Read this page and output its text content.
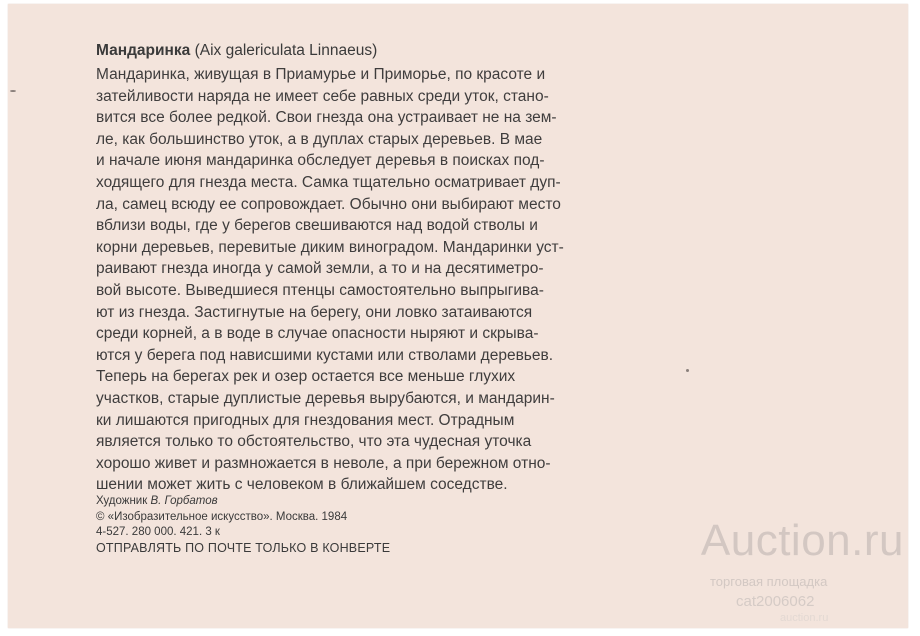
Мандаринка (Aix galericulata Linnaeus)
Мандаринка, живущая в Приамурье и Приморье, по красоте и
затейливости наряда не имеет себе равных среди уток, стано-
вится все более редкой. Свои гнезда она устраивает не на зем-
ле, как большинство уток, а в дуплах старых деревьев. В мае
и начале июня мандаринка обследует деревья в поисках под-
ходящего для гнезда места. Самка тщательно осматривает дуп-
ла, самец всюду ее сопровождает. Обычно они выбирают место
вблизи воды, где у берегов свешиваются над водой стволы и
корни деревьев, перевитые диким виноградом. Мандаринки уст-
раивают гнезда иногда у самой земли, а то и на десятиметро-
вой высоте. Выведшиеся птенцы самостоятельно выпрыгива-
ют из гнезда. Застигнутые на берегу, они ловко затаиваются
среди корней, а в воде в случае опасности ныряют и скрыва-
ются у берега под нависшими кустами или стволами деревьев.
Теперь на берегах рек и озер остается все меньше глухих
участков, старые дуплистые деревья вырубаются, и мандарин-
ки лишаются пригодных для гнездования мест. Отрадным
является только то обстоятельство, что эта чудесная уточка
хорошо живет и размножается в неволе, а при бережном отно-
шении может жить с человеком в ближайшем соседстве.
Художник В. Горбатов
© «Изобразительное искусство». Москва. 1984
4-527. 280 000. 421. 3 к
ОТПРАВЛЯТЬ ПО ПОЧТЕ ТОЛЬКО В КОНВЕРТЕ	Auction.ru
торговая площадка
cat2006062
auction.ru
